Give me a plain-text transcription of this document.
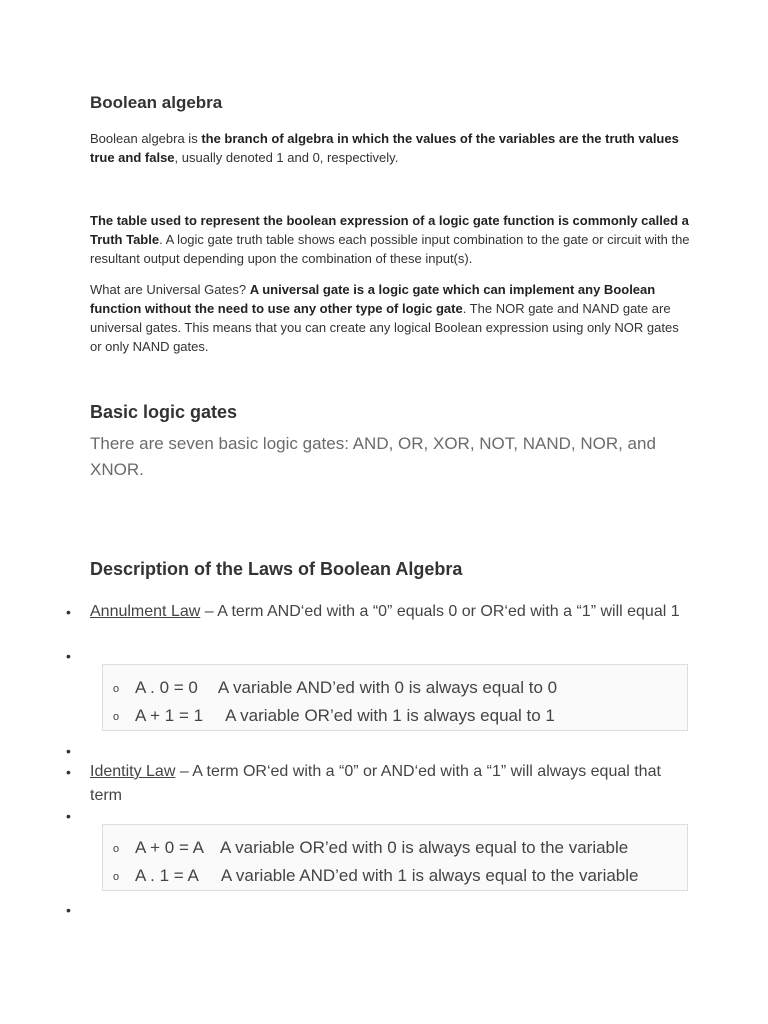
Boolean algebra

Boolean algebra is the branch of algebra in which the values of the variables are the truth values true and false, usually denoted 1 and 0, respectively.

The table used to represent the boolean expression of a logic gate function is commonly called a Truth Table. A logic gate truth table shows each possible input combination to the gate or circuit with the resultant output depending upon the combination of these input(s).

What are Universal Gates? A universal gate is a logic gate which can implement any Boolean function without the need to use any other type of logic gate. The NOR gate and NAND gate are universal gates. This means that you can create any logical Boolean expression using only NOR gates or only NAND gates.

Basic logic gates

There are seven basic logic gates: AND, OR, XOR, NOT, NAND, NOR, and XNOR.

Description of the Laws of Boolean Algebra
• Annulment Law – A term AND‘ed with a “0” equals 0 or OR‘ed with a “1” will equal 1
•
o A . 0 = 0 A variable AND’ed with 0 is always equal to 0
o A + 1 = 1 A variable OR’ed with 1 is always equal to 1
•
• Identity Law – A term OR‘ed with a “0” or AND‘ed with a “1” will always equal that term
•
o A + 0 = A A variable OR’ed with 0 is always equal to the variable
o A . 1 = A A variable AND’ed with 1 is always equal to the variable
•
